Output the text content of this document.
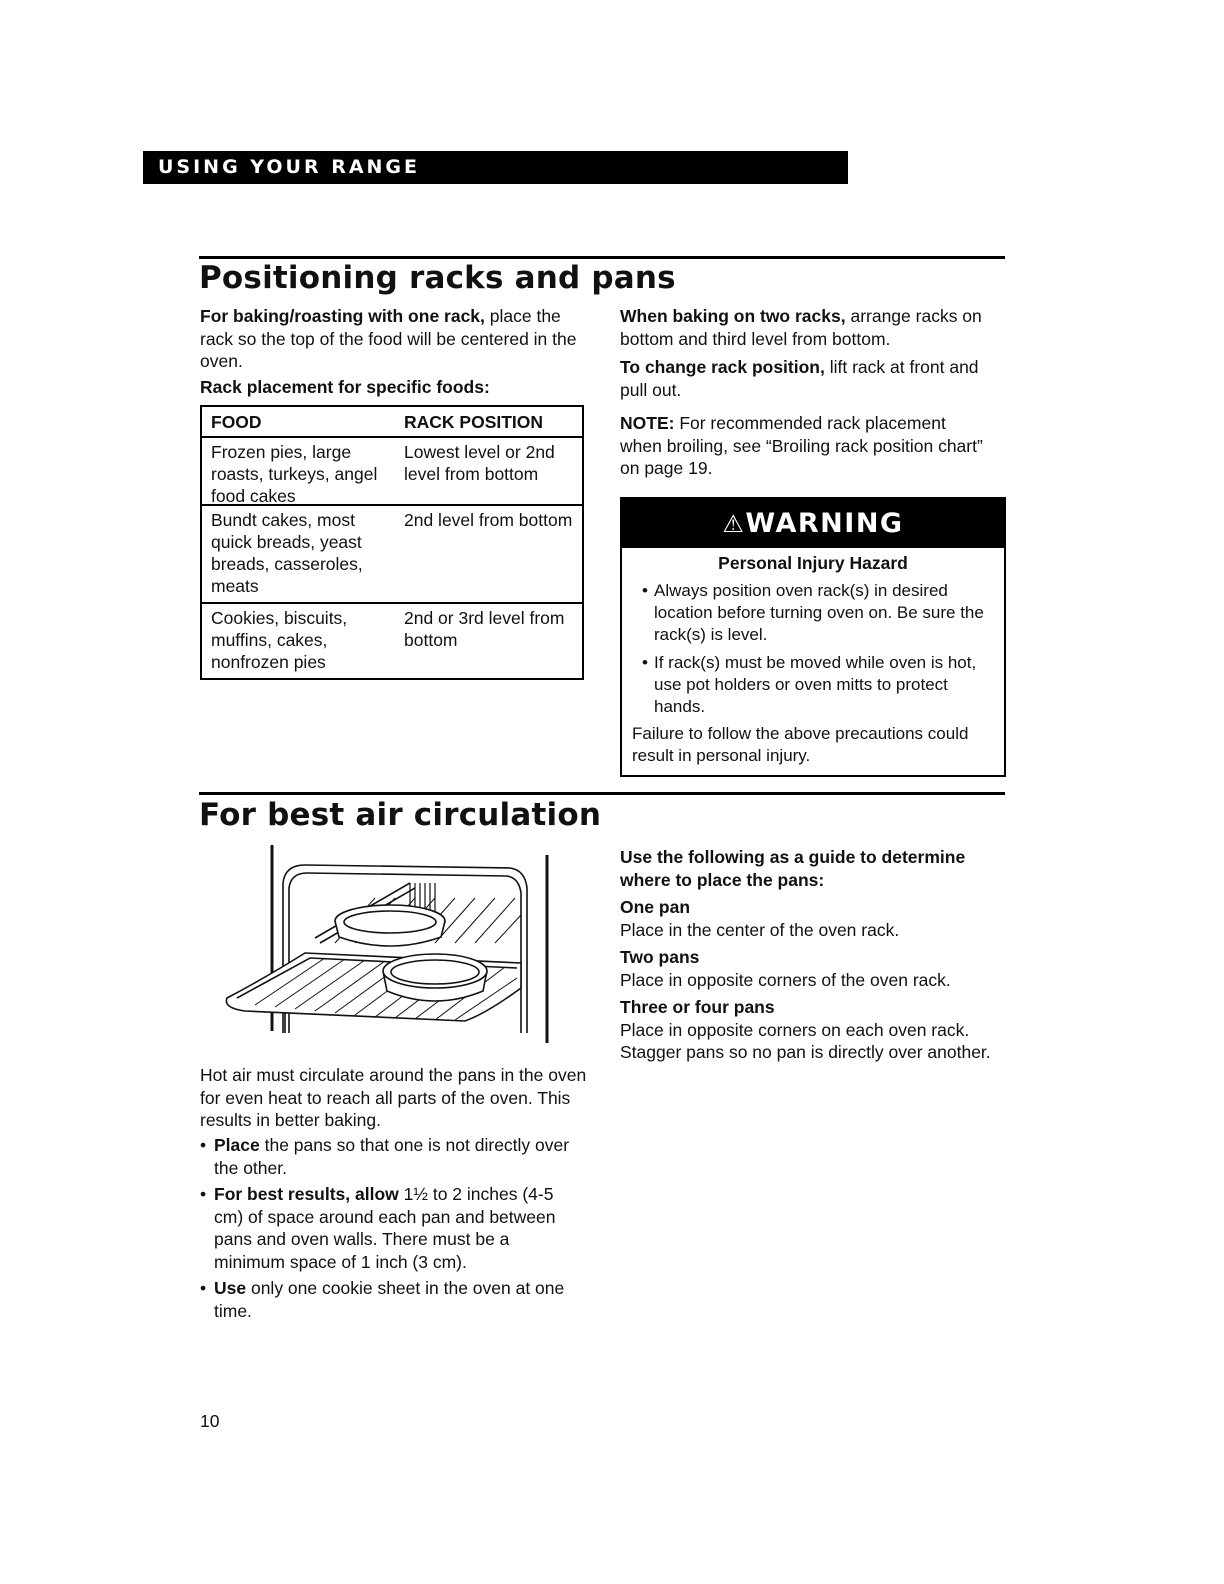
USING YOUR RANGE
Positioning racks and pans
For baking/roasting with one rack, place the rack so the top of the food will be centered in the oven.
Rack placement for specific foods:
FOOD	RACK POSITION
Frozen pies, large roasts, turkeys, angel food cakes
Lowest level or 2nd level from bottom
Bundt cakes, most quick breads, yeast breads, casseroles, meats
2nd level from bottom
Cookies, biscuits, muffins, cakes, nonfrozen pies
2nd or 3rd level from bottom
When baking on two racks, arrange racks on bottom and third level from bottom.
To change rack position, lift rack at front and pull out.
NOTE: For recommended rack placement when broiling, see “Broiling rack position chart” on page 19.
⚠WARNING
Personal Injury Hazard
• Always position oven rack(s) in desired location before turning oven on. Be sure the rack(s) is level.
• If rack(s) must be moved while oven is hot, use pot holders or oven mitts to protect hands.
Failure to follow the above precautions could result in personal injury.
For best air circulation
Hot air must circulate around the pans in the oven for even heat to reach all parts of the oven. This results in better baking.
• Place the pans so that one is not directly over the other.
• For best results, allow 1½ to 2 inches (4-5 cm) of space around each pan and between pans and oven walls. There must be a minimum space of 1 inch (3 cm).
• Use only one cookie sheet in the oven at one time.
Use the following as a guide to determine where to place the pans:
One pan
Place in the center of the oven rack.
Two pans
Place in opposite corners of the oven rack.
Three or four pans
Place in opposite corners on each oven rack. Stagger pans so no pan is directly over another.
10
